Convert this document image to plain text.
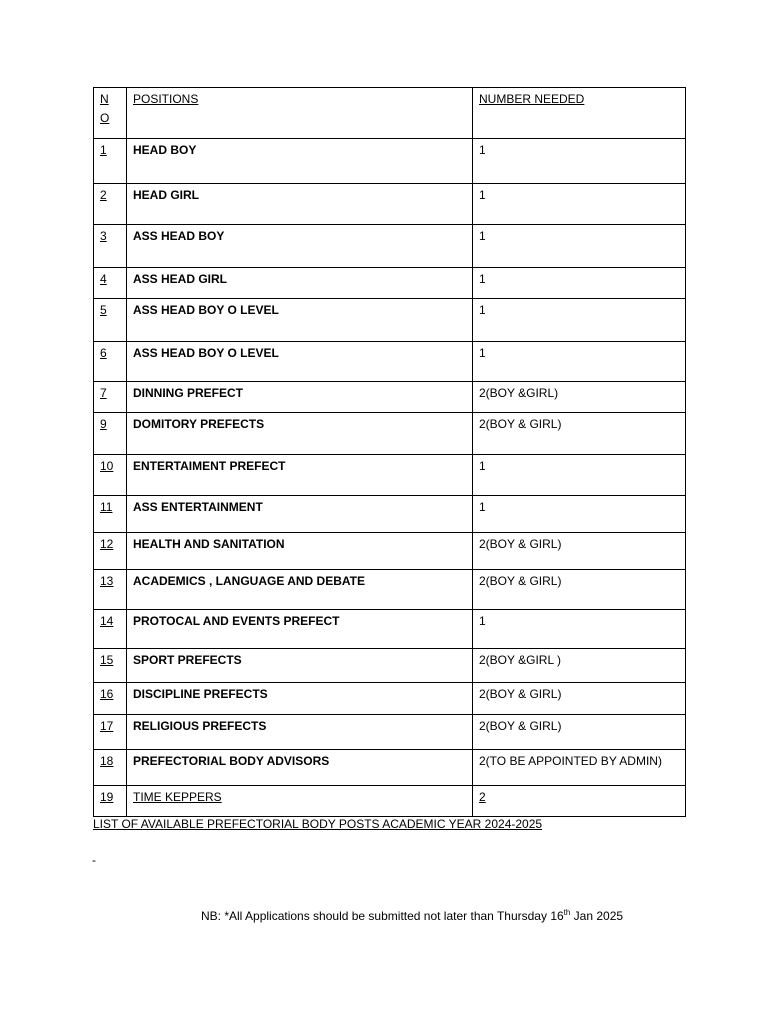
NO	POSITIONS	NUMBER NEEDED
1	HEAD BOY	1
2	HEAD GIRL	1
3	ASS HEAD BOY	1
4	ASS HEAD GIRL	1
5	ASS HEAD BOY O LEVEL	1
6	ASS HEAD BOY O LEVEL	1
7	DINNING PREFECT	2(BOY &GIRL)
9	DOMITORY PREFECTS	2(BOY & GIRL)
10	ENTERTAIMENT PREFECT	1
11	ASS ENTERTAINMENT	1
12	HEALTH AND SANITATION	2(BOY & GIRL)
13	ACADEMICS , LANGUAGE AND DEBATE	2(BOY & GIRL)
14	PROTOCAL AND EVENTS PREFECT	1
15	SPORT PREFECTS	2(BOY &GIRL )
16	DISCIPLINE PREFECTS	2(BOY & GIRL)
17	RELIGIOUS PREFECTS	2(BOY & GIRL)
18	PREFECTORIAL BODY ADVISORS	2(TO BE APPOINTED BY ADMIN)
19	TIME KEPPERS	2
LIST OF AVAILABLE PREFECTORIAL BODY POSTS ACADEMIC YEAR 2024-2025
-
NB: *All Applications should be submitted not later than Thursday 16th Jan 2025
